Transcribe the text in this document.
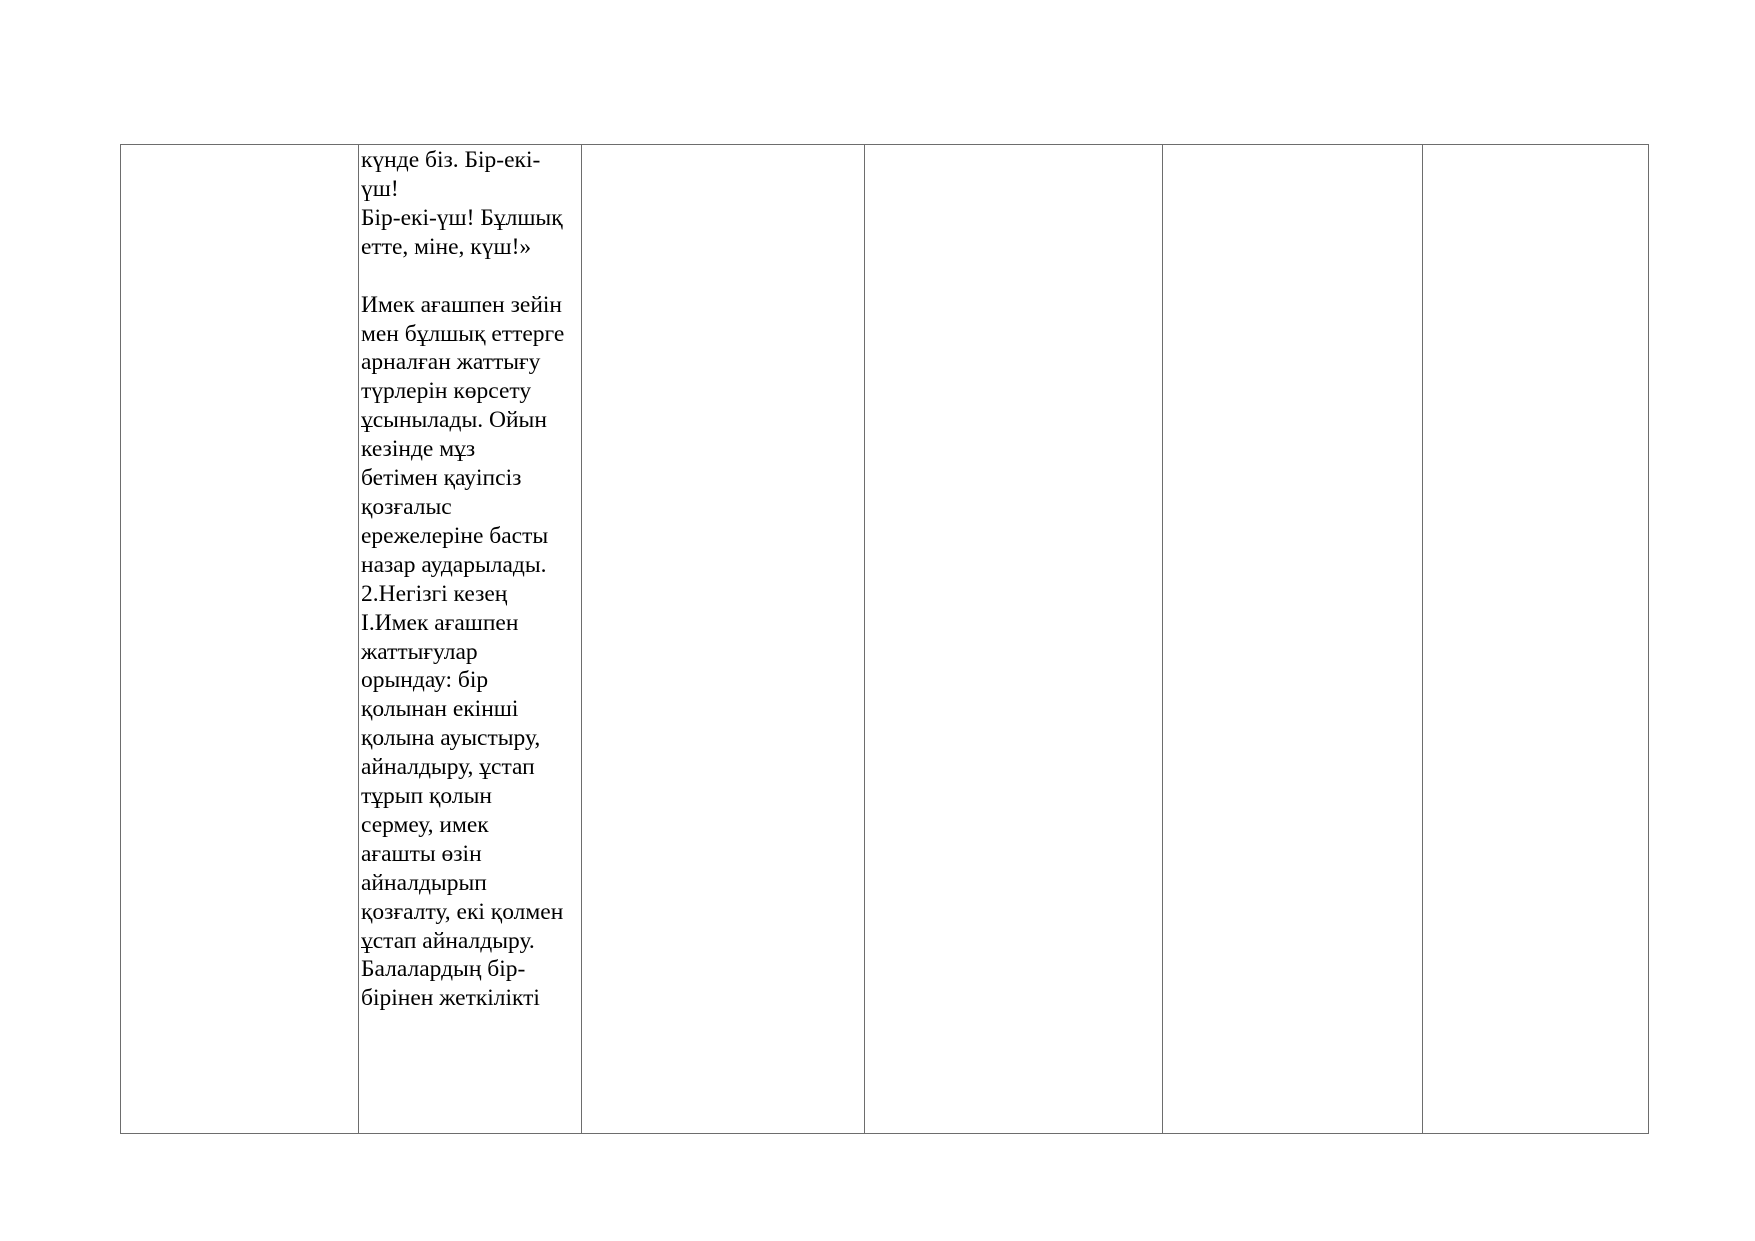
күнде біз. Бір-екі-
үш!
Бір-екі-үш! Бұлшық
етте, міне, күш!»

Имек ағашпен зейін
мен бұлшық еттерге
арналған жаттығу
түрлерін көрсету
ұсынылады. Ойын
кезінде мұз
бетімен қауіпсіз
қозғалыс
ережелеріне басты
назар аударылады.

2.Негізгі кезең

І.Имек ағашпен
жаттығулар
орындау: бір
қолынан екінші
қолына ауыстыру,
айналдыру, ұстап
тұрып қолын
сермеу, имек
ағашты өзін
айналдырып
қозғалту, екі қолмен
ұстап айналдыру.
Балалардың бір-
бірінен жеткілікті
